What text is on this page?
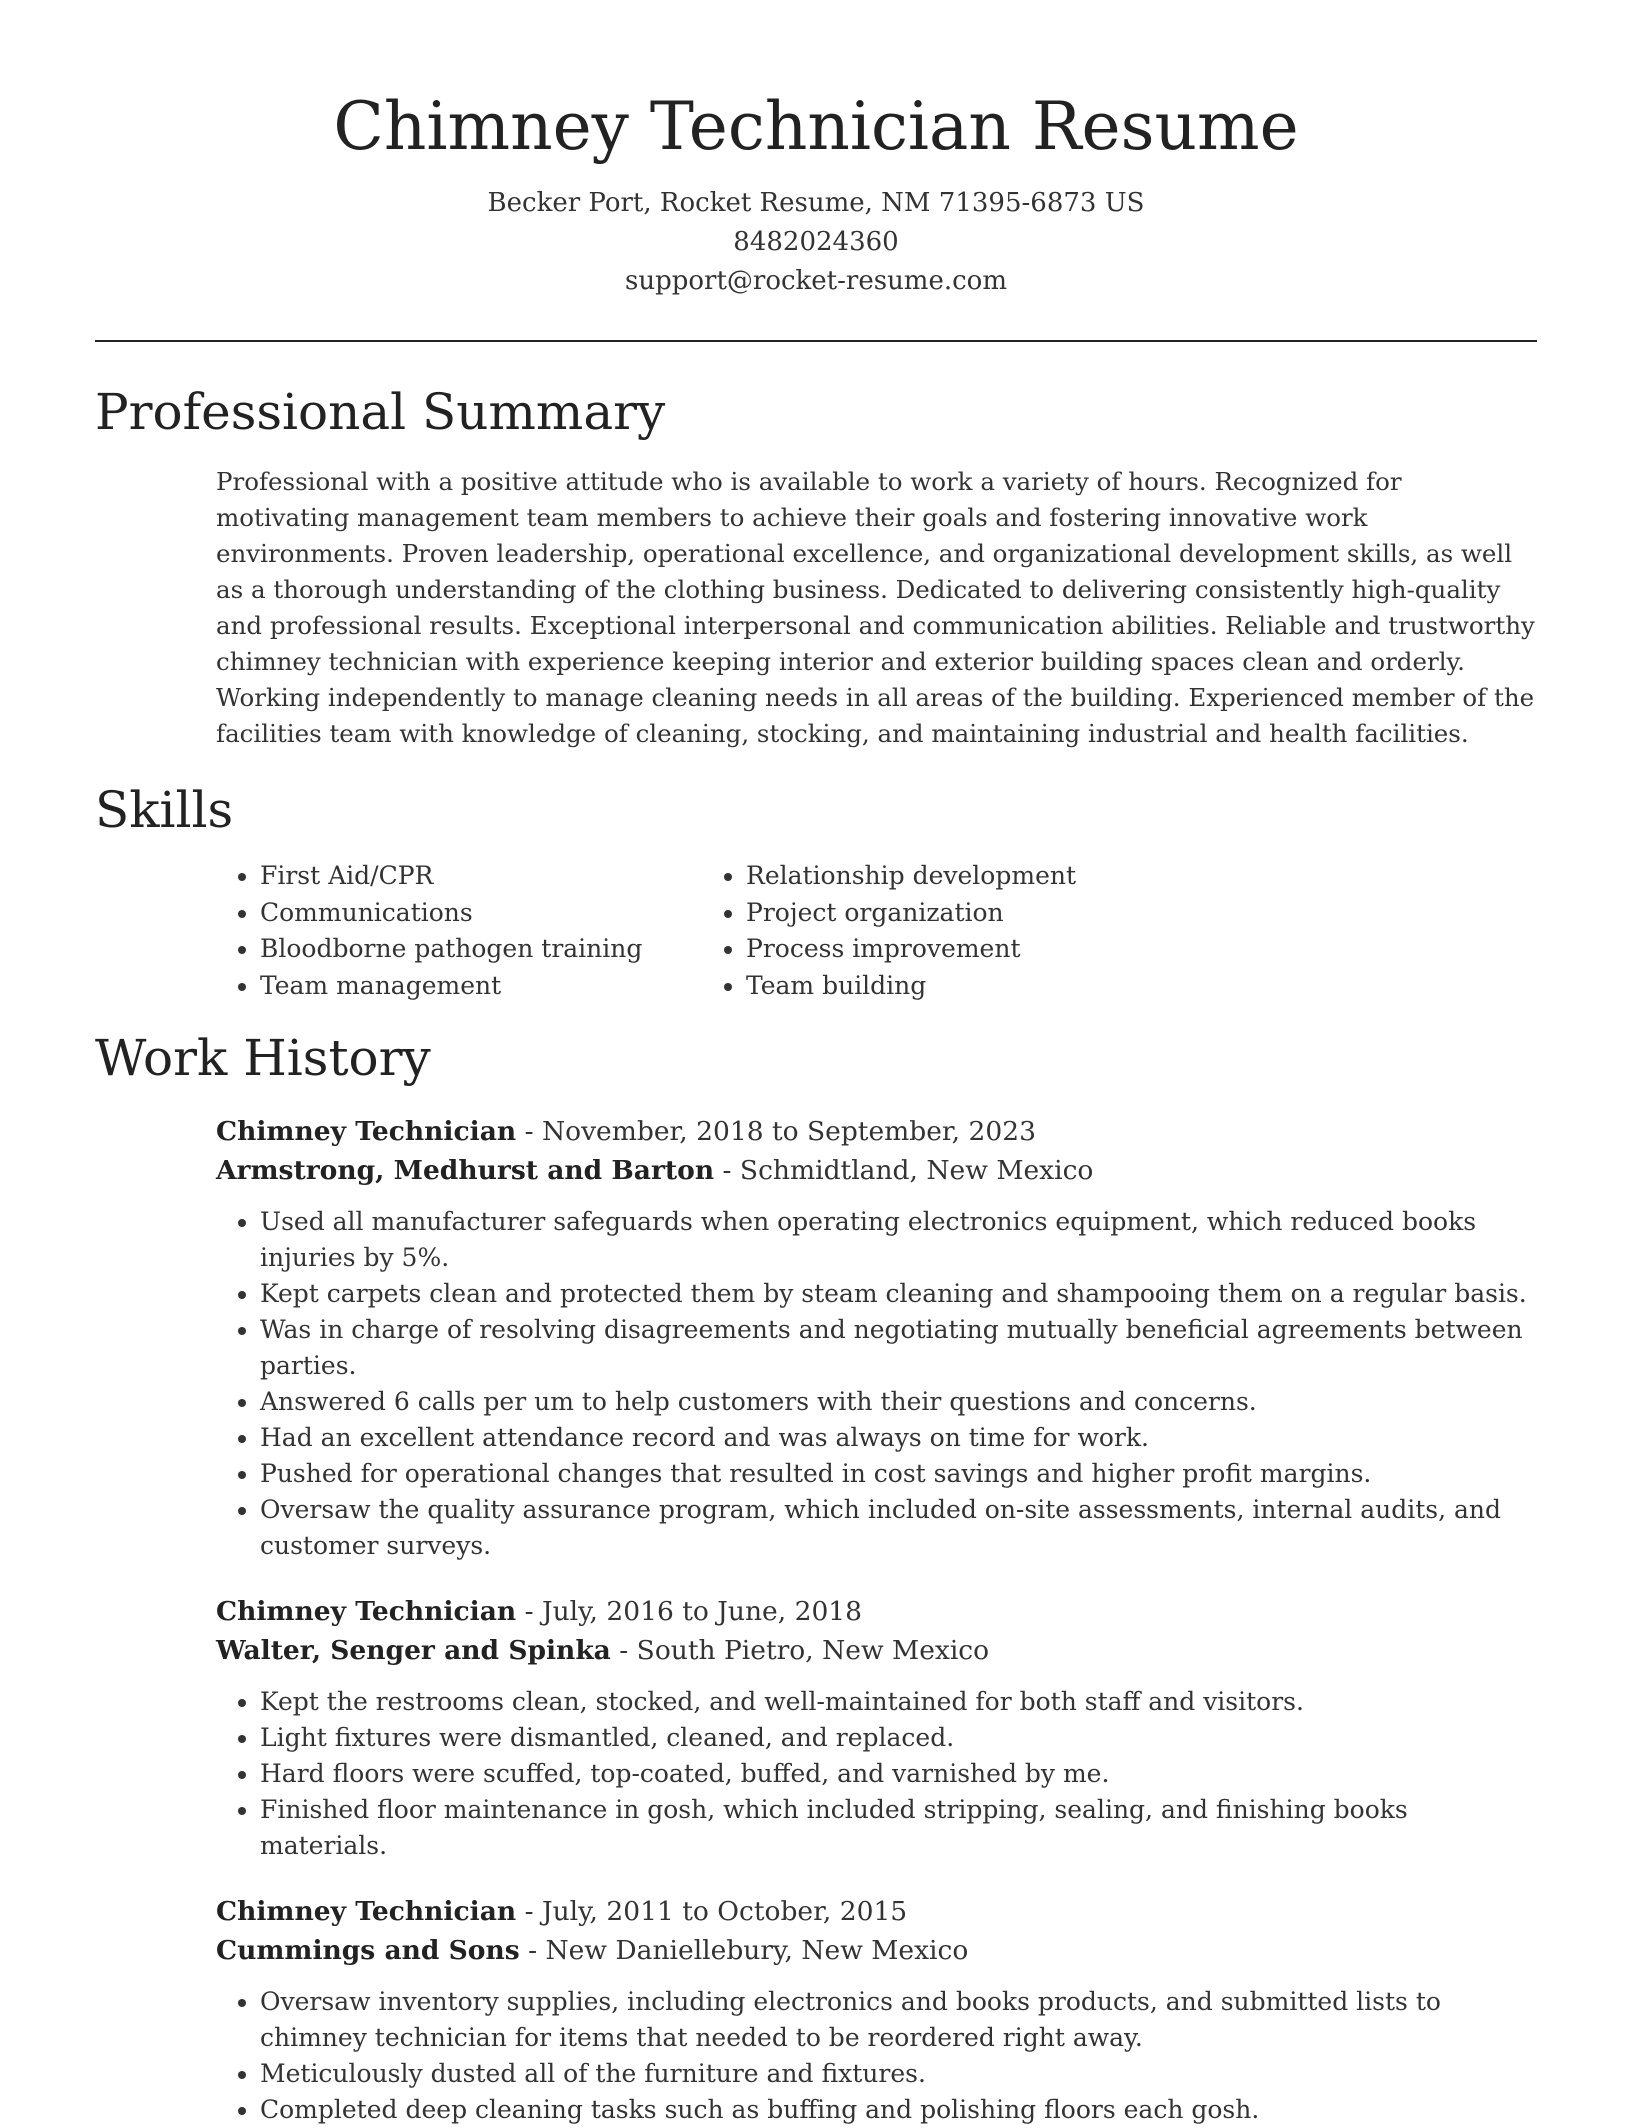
Chimney Technician Resume
Becker Port, Rocket Resume, NM 71395-6873 US
8482024360
support@rocket-resume.com
Professional Summary
Professional with a positive attitude who is available to work a variety of hours. Recognized for motivating management team members to achieve their goals and fostering innovative work environments. Proven leadership, operational excellence, and organizational development skills, as well as a thorough understanding of the clothing business. Dedicated to delivering consistently high-quality and professional results. Exceptional interpersonal and communication abilities. Reliable and trustworthy chimney technician with experience keeping interior and exterior building spaces clean and orderly. Working independently to manage cleaning needs in all areas of the building. Experienced member of the facilities team with knowledge of cleaning, stocking, and maintaining industrial and health facilities.
Skills
• First Aid/CPR
• Communications
• Bloodborne pathogen training
• Team management
• Relationship development
• Project organization
• Process improvement
• Team building
Work History
Chimney Technician - November, 2018 to September, 2023
Armstrong, Medhurst and Barton - Schmidtland, New Mexico
• Used all manufacturer safeguards when operating electronics equipment, which reduced books injuries by 5%.
• Kept carpets clean and protected them by steam cleaning and shampooing them on a regular basis.
• Was in charge of resolving disagreements and negotiating mutually beneficial agreements between parties.
• Answered 6 calls per um to help customers with their questions and concerns.
• Had an excellent attendance record and was always on time for work.
• Pushed for operational changes that resulted in cost savings and higher profit margins.
• Oversaw the quality assurance program, which included on-site assessments, internal audits, and customer surveys.
Chimney Technician - July, 2016 to June, 2018
Walter, Senger and Spinka - South Pietro, New Mexico
• Kept the restrooms clean, stocked, and well-maintained for both staff and visitors.
• Light fixtures were dismantled, cleaned, and replaced.
• Hard floors were scuffed, top-coated, buffed, and varnished by me.
• Finished floor maintenance in gosh, which included stripping, sealing, and finishing books materials.
Chimney Technician - July, 2011 to October, 2015
Cummings and Sons - New Daniellebury, New Mexico
• Oversaw inventory supplies, including electronics and books products, and submitted lists to chimney technician for items that needed to be reordered right away.
• Meticulously dusted all of the furniture and fixtures.
• Completed deep cleaning tasks such as buffing and polishing floors each gosh.
